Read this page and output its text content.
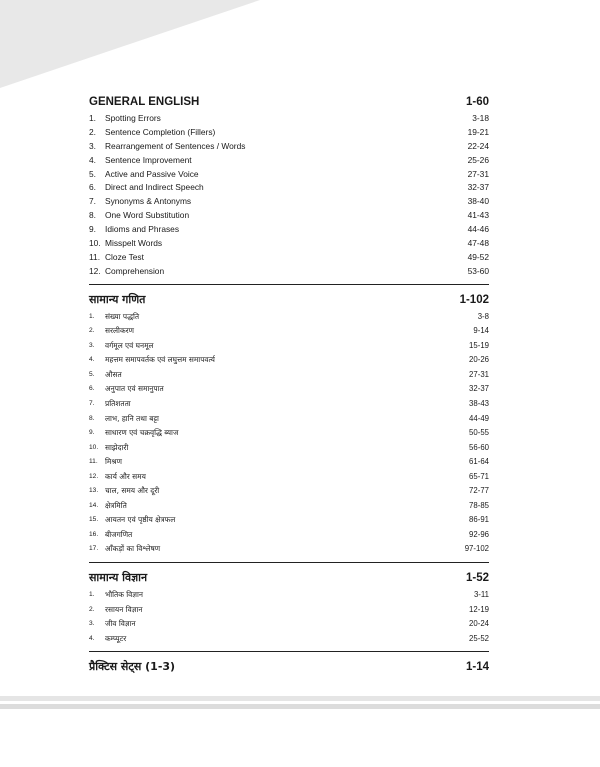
GENERAL ENGLISH	1-60
1.	Spotting Errors	3-18
2.	Sentence Completion (Fillers)	19-21
3.	Rearrangement of Sentences / Words	22-24
4.	Sentence Improvement	25-26
5.	Active and Passive Voice	27-31
6.	Direct and Indirect Speech	32-37
7.	Synonyms & Antonyms	38-40
8.	One Word Substitution	41-43
9.	Idioms and Phrases	44-46
10. Misspelt Words	47-48
11. Cloze Test	49-52
12. Comprehension	53-60
सामान्य गणित	1-102
1.	संख्या पद्धति	3-8
2.	सरलीकरण	9-14
3.	वर्गमूल एवं घनमूल	15-19
4.	महत्तम समापवर्तक एवं लघुत्तम समापवर्त्य	20-26
5.	औसत	27-31
6.	अनुपात एवं समानुपात	32-37
7.	प्रतिशतता	38-43
8.	लाभ, हानि तथा बट्टा	44-49
9.	साधारण एवं चक्रवृद्धि ब्याज	50-55
10. साझेदारी	56-60
11. मिश्रण	61-64
12. कार्य और समय	65-71
13. चाल, समय और दूरी	72-77
14. क्षेत्रमिति	78-85
15. आयतन एवं पृष्ठीय क्षेत्रफल	86-91
16. बीजगणित	92-96
17. आँकड़ों का विश्लेषण	97-102
सामान्य विज्ञान	1-52
1.	भौतिक विज्ञान	3-11
2.	रसायन विज्ञान	12-19
3.	जीव विज्ञान	20-24
4.	कम्प्यूटर	25-52
प्रैक्टिस सेट्स (1-3)	1-14
